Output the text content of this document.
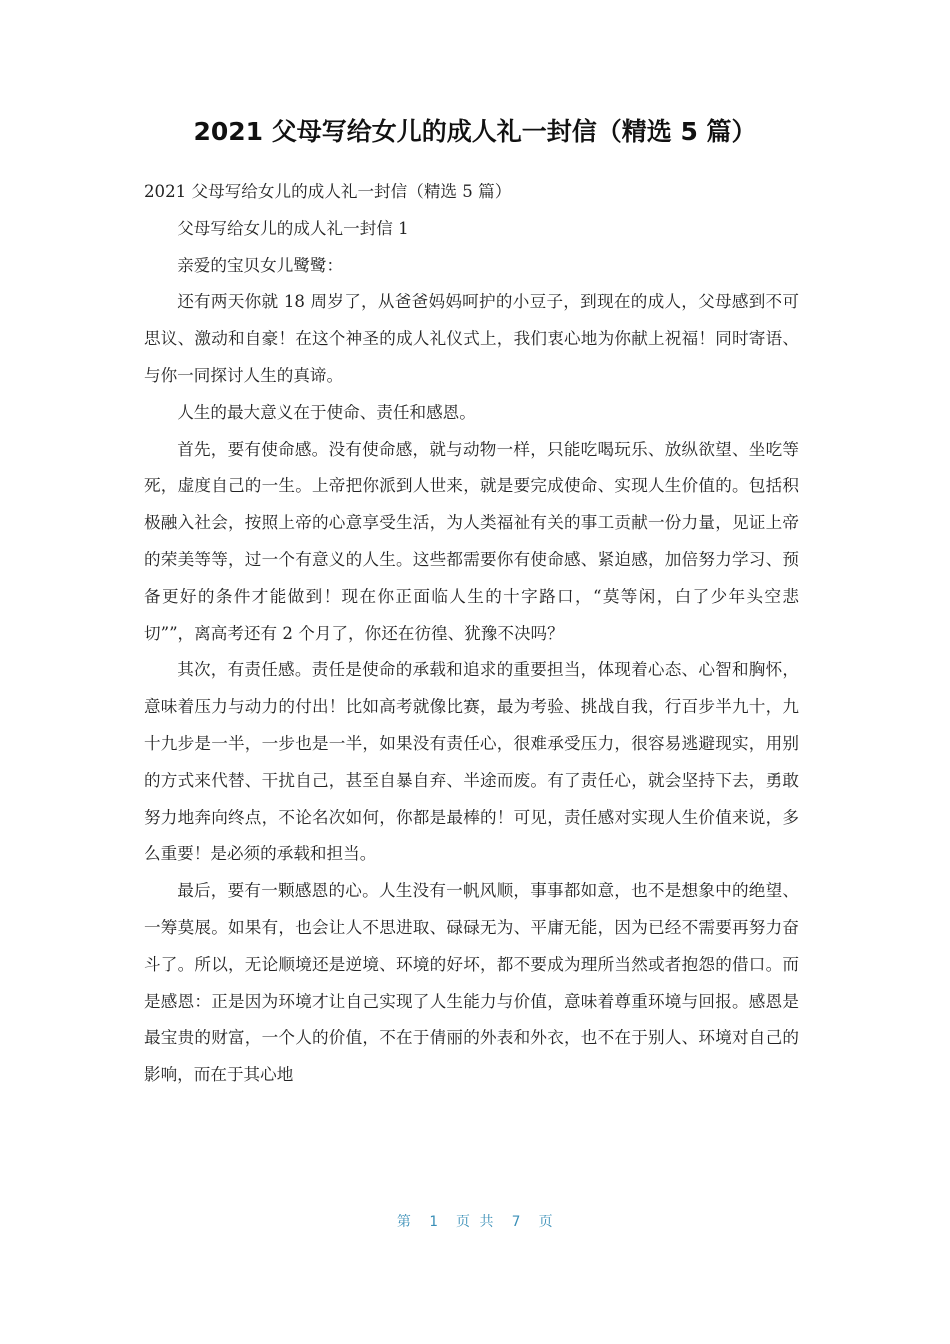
2021 父母写给女儿的成人礼一封信（精选 5 篇）

2021 父母写给女儿的成人礼一封信（精选 5 篇）

父母写给女儿的成人礼一封信 1

亲爱的宝贝女儿鹭鹭：

还有两天你就 18 周岁了，从爸爸妈妈呵护的小豆子，到现在的成人，父母感到不可思议、激动和自豪！在这个神圣的成人礼仪式上，我们衷心地为你献上祝福！同时寄语、与你一同探讨人生的真谛。

人生的最大意义在于使命、责任和感恩。

首先，要有使命感。没有使命感，就与动物一样，只能吃喝玩乐、放纵欲望、坐吃等死，虚度自己的一生。上帝把你派到人世来，就是要完成使命、实现人生价值的。包括积极融入社会，按照上帝的心意享受生活，为人类福祉有关的事工贡献一份力量，见证上帝的荣美等等，过一个有意义的人生。这些都需要你有使命感、紧迫感，加倍努力学习、预备更好的条件才能做到！现在你正面临人生的十字路口，“莫等闲，白了少年头空悲切””，离高考还有 2 个月了，你还在彷徨、犹豫不决吗？

其次，有责任感。责任是使命的承载和追求的重要担当，体现着心态、心智和胸怀，意味着压力与动力的付出！比如高考就像比赛，最为考验、挑战自我，行百步半九十，九十九步是一半，一步也是一半，如果没有责任心，很难承受压力，很容易逃避现实，用别的方式来代替、干扰自己，甚至自暴自弃、半途而废。有了责任心，就会坚持下去，勇敢努力地奔向终点，不论名次如何，你都是最棒的！可见，责任感对实现人生价值来说，多么重要！是必须的承载和担当。

最后，要有一颗感恩的心。人生没有一帆风顺，事事都如意，也不是想象中的绝望、一筹莫展。如果有，也会让人不思进取、碌碌无为、平庸无能，因为已经不需要再努力奋斗了。所以，无论顺境还是逆境、环境的好坏，都不要成为理所当然或者抱怨的借口。而是感恩：正是因为环境才让自己实现了人生能力与价值，意味着尊重环境与回报。感恩是最宝贵的财富，一个人的价值，不在于倩丽的外表和外衣，也不在于别人、环境对自己的影响，而在于其心地

第  1  页 共  7  页
